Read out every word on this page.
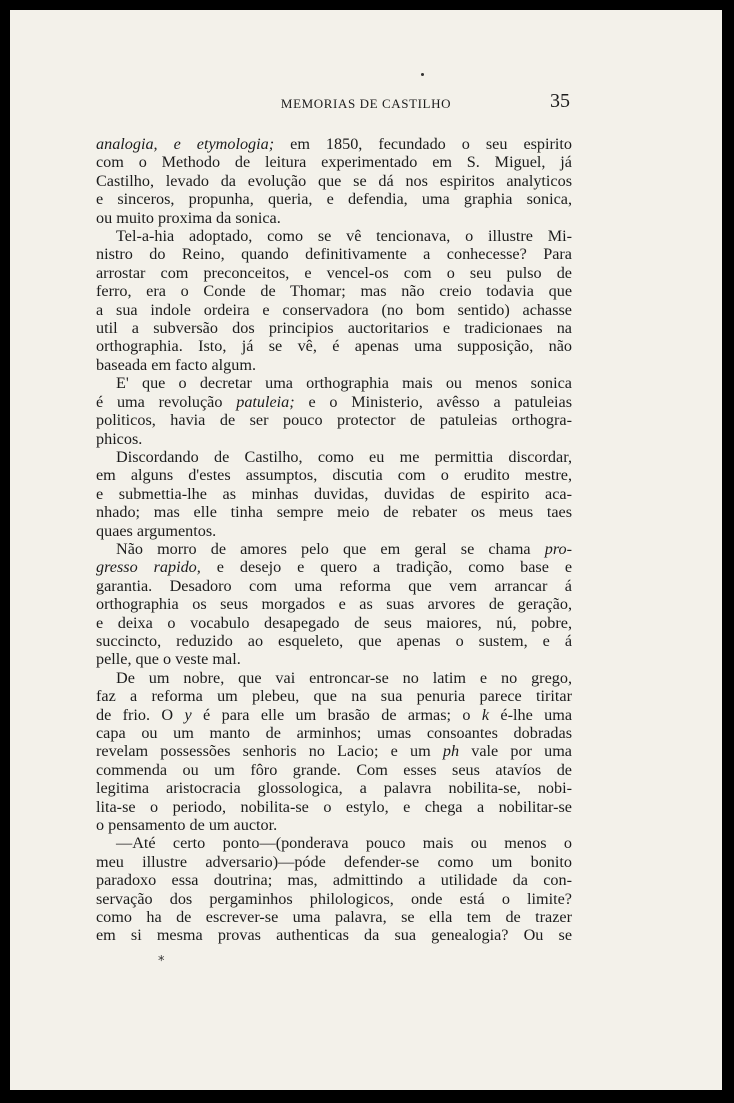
MEMORIAS DE CASTILHO	35
analogia, e etymologia; em 1850, fecundado o seu espirito
com o Methodo de leitura experimentado em S. Miguel, já
Castilho, levado da evolução que se dá nos espiritos analyticos
e sinceros, propunha, queria, e defendia, uma graphia sonica,
ou muito proxima da sonica.
Tel-a-hia adoptado, como se vê tencionava, o illustre Mi-
nistro do Reino, quando definitivamente a conhecesse? Para
arrostar com preconceitos, e vencel-os com o seu pulso de
ferro, era o Conde de Thomar; mas não creio todavia que
a sua indole ordeira e conservadora (no bom sentido) achasse
util a subversão dos principios auctoritarios e tradicionaes na
orthographia. Isto, já se vê, é apenas uma supposição, não
baseada em facto algum.
E' que o decretar uma orthographia mais ou menos sonica
é uma revolução patuleia; e o Ministerio, avêsso a patuleias
politicos, havia de ser pouco protector de patuleias orthogra-
phicos.
Discordando de Castilho, como eu me permittia discordar,
em alguns d'estes assumptos, discutia com o erudito mestre,
e submettia-lhe as minhas duvidas, duvidas de espirito aca-
nhado; mas elle tinha sempre meio de rebater os meus taes
quaes argumentos.
Não morro de amores pelo que em geral se chama pro-
gresso rapido, e desejo e quero a tradição, como base e
garantia. Desadoro com uma reforma que vem arrancar á
orthographia os seus morgados e as suas arvores de geração,
e deixa o vocabulo desapegado de seus maiores, nú, pobre,
succincto, reduzido ao esqueleto, que apenas o sustem, e á
pelle, que o veste mal.
De um nobre, que vai entroncar-se no latim e no grego,
faz a reforma um plebeu, que na sua penuria parece tiritar
de frio. O y é para elle um brasão de armas; o k é-lhe uma
capa ou um manto de arminhos; umas consoantes dobradas
revelam possessões senhoris no Lacio; e um ph vale por uma
commenda ou um fôro grande. Com esses seus atavíos de
legitima aristocracia glossologica, a palavra nobilita-se, nobi-
lita-se o periodo, nobilita-se o estylo, e chega a nobilitar-se
o pensamento de um auctor.
—Até certo ponto—(ponderava pouco mais ou menos o
meu illustre adversario)—póde defender-se como um bonito
paradoxo essa doutrina; mas, admittindo a utilidade da con-
servação dos pergaminhos philologicos, onde está o limite?
como ha de escrever-se uma palavra, se ella tem de trazer
em si mesma provas authenticas da sua genealogia? Ou se
*
